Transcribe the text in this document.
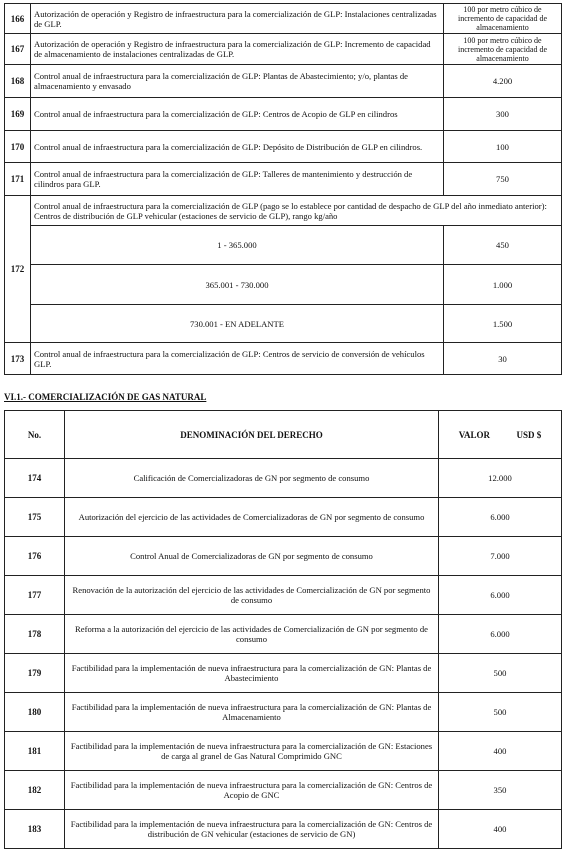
166	Autorización de operación y Registro de infraestructura para la comercialización de GLP: Instalaciones centralizadas de GLP.	100 por metro cúbico de incremento de capacidad de almacenamiento
167	Autorización de operación y Registro de infraestructura para la comercialización de GLP: Incremento de capacidad de almacenamiento de instalaciones centralizadas de GLP.	100 por metro cúbico de incremento de capacidad de almacenamiento
168	Control anual de infraestructura para la comercialización de GLP: Plantas de Abastecimiento; y/o, plantas de almacenamiento y envasado	4.200
169	Control anual de infraestructura para la comercialización de GLP: Centros de Acopio de GLP en cilindros	300
170	Control anual de infraestructura para la comercialización de GLP: Depósito de Distribución de GLP en cilindros.	100
171	Control anual de infraestructura para la comercialización de GLP: Talleres de mantenimiento y destrucción de cilindros para GLP.	750
172	Control anual de infraestructura para la comercialización de GLP (pago se lo establece por cantidad de despacho de GLP del año inmediato anterior): Centros de distribución de GLP vehicular (estaciones de servicio de GLP), rango kg/año	
	1 - 365.000	450
	365.001 - 730.000	1.000
	730.001 - EN ADELANTE	1.500
173	Control anual de infraestructura para la comercialización de GLP: Centros de servicio de conversión de vehículos GLP.	30
VI.1.- COMERCIALIZACIÓN DE GAS NATURAL
No.	DENOMINACIÓN DEL DERECHO	VALOR USD $
174	Calificación de Comercializadoras de GN por segmento de consumo	12.000
175	Autorización del ejercicio de las actividades de Comercializadoras de GN por segmento de consumo	6.000
176	Control Anual de Comercializadoras de GN por segmento de consumo	7.000
177	Renovación de la autorización del ejercicio de las actividades de Comercialización de GN por segmento de consumo	6.000
178	Reforma a la autorización del ejercicio de las actividades de Comercialización de GN por segmento de consumo	6.000
179	Factibilidad para la implementación de nueva infraestructura para la comercialización de GN: Plantas de Abastecimiento	500
180	Factibilidad para la implementación de nueva infraestructura para la comercialización de GN: Plantas de Almacenamiento	500
181	Factibilidad para la implementación de nueva infraestructura para la comercialización de GN: Estaciones de carga al granel de Gas Natural Comprimido GNC	400
182	Factibilidad para la implementación de nueva infraestructura para la comercialización de GN: Centros de Acopio de GNC	350
183	Factibilidad para la implementación de nueva infraestructura para la comercialización de GN: Centros de distribución de GN vehicular (estaciones de servicio de GN)	400
